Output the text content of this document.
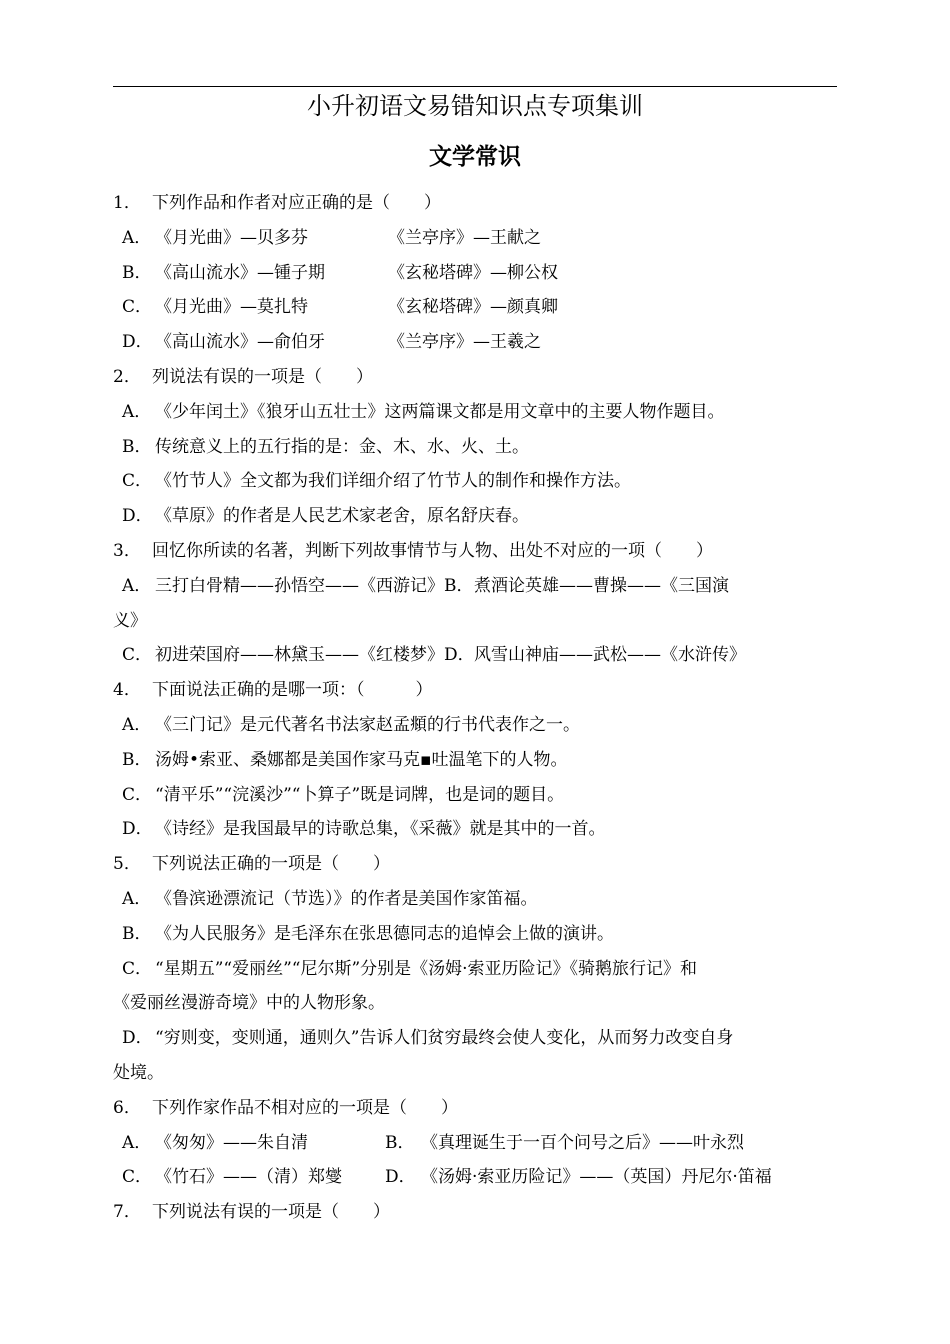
小升初语文易错知识点专项集训
文学常识
1． 下列作品和作者对应正确的是（　　）
A． 《月光曲》—贝多芬	《兰亭序》—王献之
B． 《高山流水》—锺子期	《玄秘塔碑》—柳公权
C． 《月光曲》—莫扎特	《玄秘塔碑》—颜真卿
D． 《高山流水》—俞伯牙	《兰亭序》—王羲之
2． 列说法有误的一项是（　　）
A． 《少年闰土》《狼牙山五壮士》这两篇课文都是用文章中的主要人物作题目。
B． 传统意义上的五行指的是：金、木、水、火、土。
C． 《竹节人》全文都为我们详细介绍了竹节人的制作和操作方法。
D． 《草原》的作者是人民艺术家老舍，原名舒庆春。
3． 回忆你所读的名著，判断下列故事情节与人物、出处不对应的一项（　　）
A． 三打白骨精——孙悟空——《西游记》B．煮酒论英雄——曹操——《三国演
义》
C． 初进荣国府——林黛玉——《红楼梦》D．风雪山神庙——武松——《水浒传》
4． 下面说法正确的是哪一项：（　　　）
A． 《三门记》是元代著名书法家赵孟頫的行书代表作之一。
B． 汤姆•索亚、桑娜都是美国作家马克▪吐温笔下的人物。
C． “清平乐”“浣溪沙”“卜算子”既是词牌，也是词的题目。
D． 《诗经》是我国最早的诗歌总集，《采薇》就是其中的一首。
5． 下列说法正确的一项是（　　）
A． 《鲁滨逊漂流记（节选）》的作者是美国作家笛福。
B． 《为人民服务》是毛泽东在张思德同志的追悼会上做的演讲。
C． “星期五”“爱丽丝”“尼尔斯”分别是《汤姆·索亚历险记》《骑鹅旅行记》和
《爱丽丝漫游奇境》中的人物形象。
D． “穷则变，变则通，通则久”告诉人们贫穷最终会使人变化，从而努力改变自身
处境。
6． 下列作家作品不相对应的一项是（　　）
A． 《匆匆》——朱自清	B． 《真理诞生于一百个问号之后》——叶永烈
C． 《竹石》——（清）郑燮	D． 《汤姆·索亚历险记》——（英国）丹尼尔·笛福
7． 下列说法有误的一项是（　　）
